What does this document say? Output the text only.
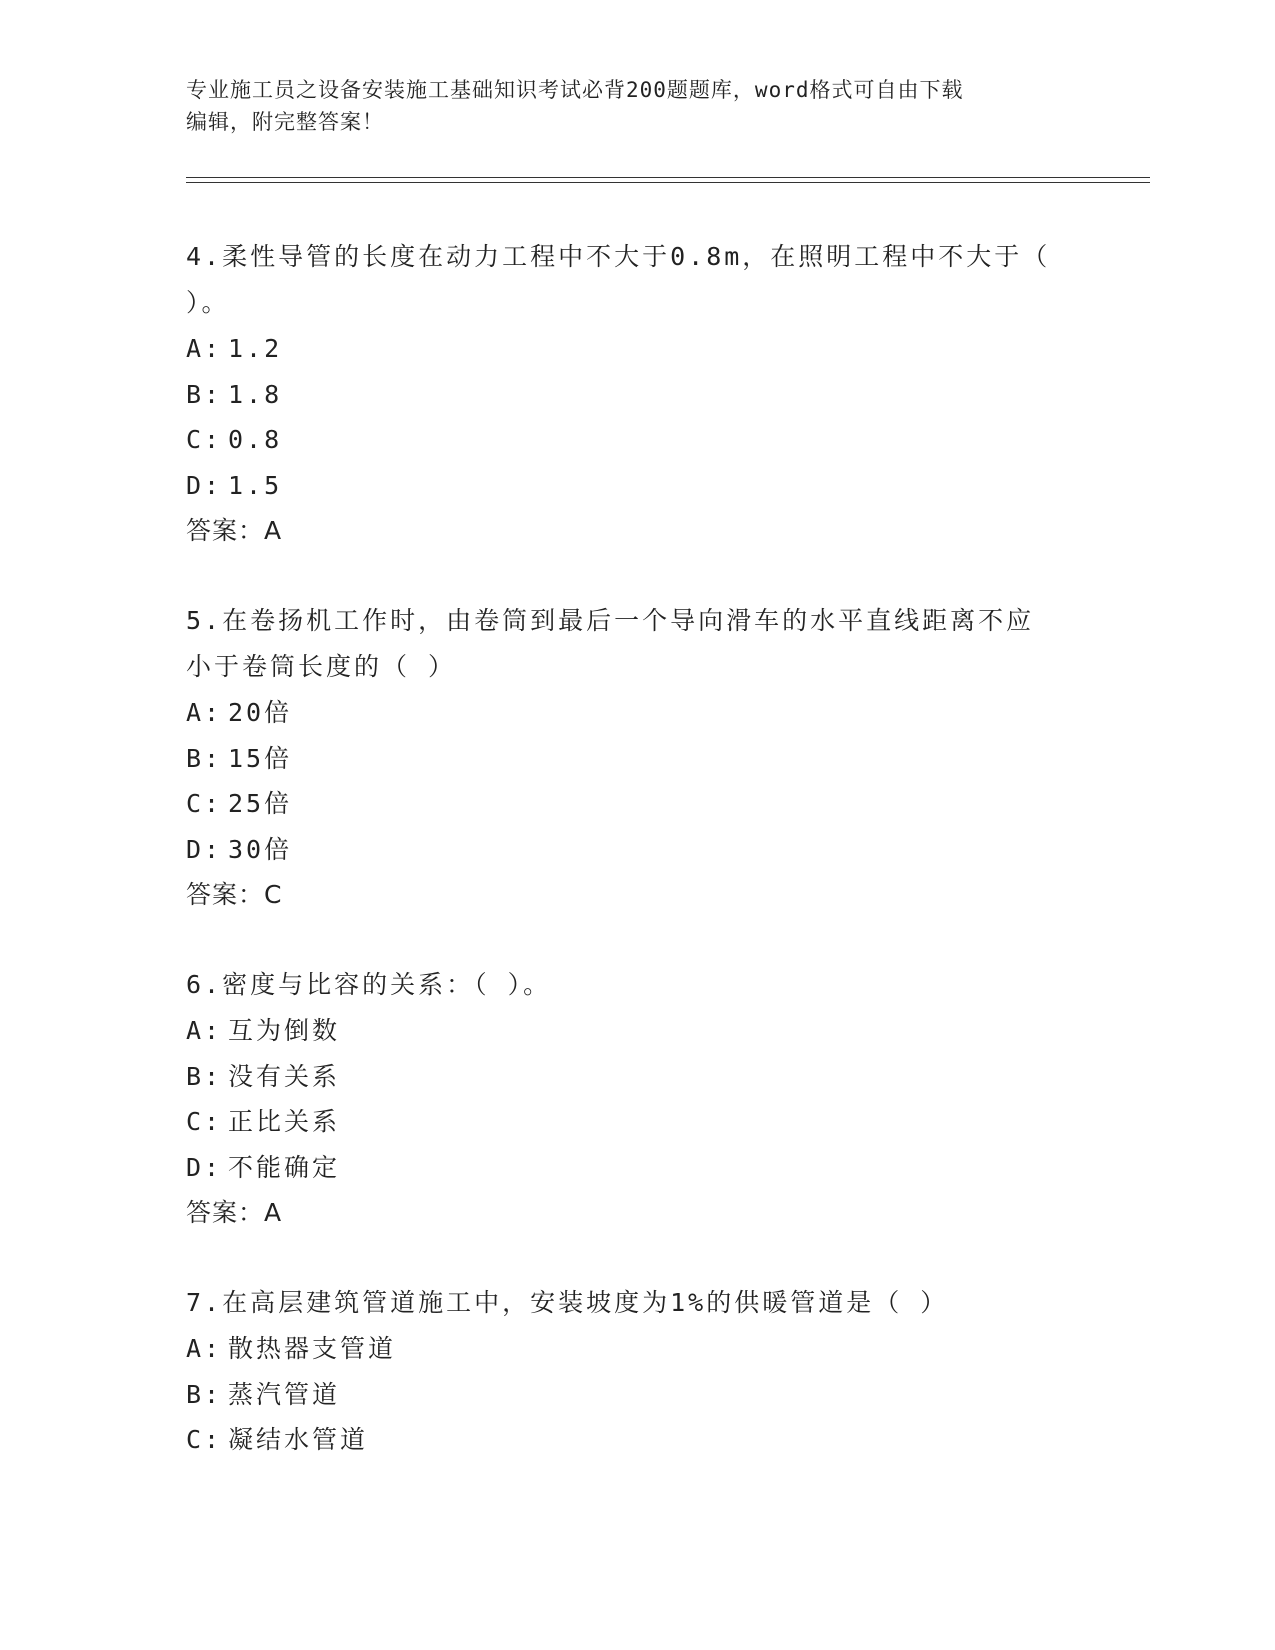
专业施工员之设备安装施工基础知识考试必背200题题库，word格式可自由下载
编辑，附完整答案！
4.柔性导管的长度在动力工程中不大于0.8m，在照明工程中不大于（
）。
A: 1.2
B: 1.8
C: 0.8
D: 1.5
答案：A
5.在卷扬机工作时，由卷筒到最后一个导向滑车的水平直线距离不应
小于卷筒长度的（ ）
A: 20倍
B: 15倍
C: 25倍
D: 30倍
答案：C
6.密度与比容的关系：（ ）。
A: 互为倒数
B: 没有关系
C: 正比关系
D: 不能确定
答案：A
7.在高层建筑管道施工中，安装坡度为1%的供暖管道是（ ）
A: 散热器支管道
B: 蒸汽管道
C: 凝结水管道
